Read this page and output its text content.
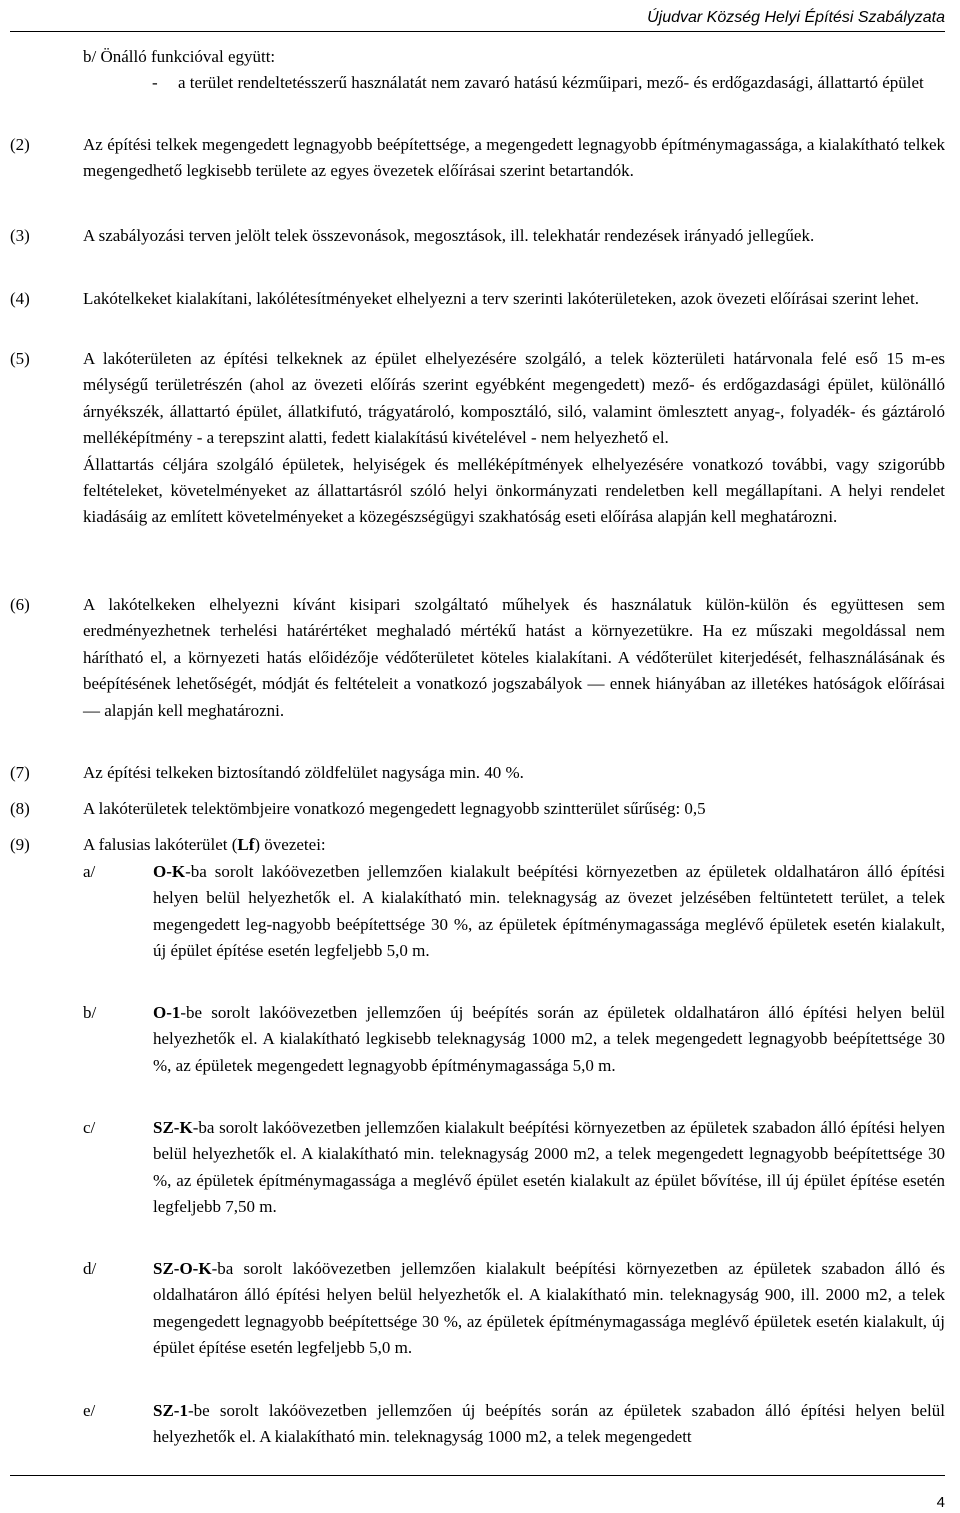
Újudvar Község Helyi Építési Szabályzata
b/ Önálló funkcióval együtt:
- a terület rendeltetésszerű használatát nem zavaró hatású kézműipari, mező- és erdőgazdasági, állattartó épület
(2)	Az építési telkek megengedett legnagyobb beépítettsége, a megengedett legnagyobb építménymagassága, a kialakítható telkek megengedhető legkisebb területe az egyes övezetek előírásai szerint betartandók.
(3)	A szabályozási terven jelölt telek összevonások, megosztások, ill. telekhatár rendezések irányadó jellegűek.
(4)	Lakótelkeket kialakítani, lakólétesítményeket elhelyezni a terv szerinti lakóterületeken, azok övezeti előírásai szerint lehet.
(5)	A lakóterületen az építési telkeknek az épület elhelyezésére szolgáló, a telek közterületi határvonala felé eső 15 m-es mélységű területrészén (ahol az övezeti előírás szerint egyébként megengedett) mező- és erdőgazdasági épület, különálló árnyékszék, állattartó épület, állatkifutó, trágyatároló, komposztáló, siló, valamint ömlesztett anyag-, folyadék- és gáztároló melléképítmény - a terepszint alatti, fedett kialakítású kivételével - nem helyezhető el.

Állattartás céljára szolgáló épületek, helyiségek és melléképítmények elhelyezésére vonatkozó további, vagy szigorúbb feltételeket, követelményeket az állattartásról szóló helyi önkormányzati rendeletben kell megállapítani. A helyi rendelet kiadásáig az említett követelményeket a közegészségügyi szakhatóság eseti előírása alapján kell meghatározni.

(6)	A lakótelkeken elhelyezni kívánt kisipari szolgáltató műhelyek és használatuk külön-külön és együttesen sem eredményezhetnek terhelési határértéket meghaladó mértékű hatást a környezetükre. Ha ez műszaki megoldással nem hárítható el, a környezeti hatás előidézője védőterületet köteles kialakítani. A védőterület kiterjedését, felhasználásának és beépítésének lehetőségét, módját és feltételeit a vonatkozó jogszabályok — ennek hiányában az illetékes hatóságok előírásai — alapján kell meghatározni.
(7)	Az építési telkeken biztosítandó zöldfelület nagysága min. 40 %.
(8)	A lakóterületek telektömbjeire vonatkozó megengedett legnagyobb szintterület sűrűség: 0,5
(9)	A falusias lakóterület (Lf) övezetei:
a/	O-K-ba sorolt lakóövezetben jellemzően kialakult beépítési környezetben az épületek oldalhatáron álló építési helyen belül helyezhetők el. A kialakítható min. teleknagyság az övezet jelzésében feltüntetett terület, a telek megengedett leg-nagyobb beépítettsége 30 %, az épületek építménymagassága meglévő épületek esetén kialakult, új épület építése esetén legfeljebb 5,0 m.
b/	O-1-be sorolt lakóövezetben jellemzően új beépítés során az épületek oldalhatáron álló építési helyen belül helyezhetők el. A kialakítható legkisebb teleknagyság 1000 m2, a telek megengedett legnagyobb beépítettsége 30 %, az épületek megengedett legnagyobb építménymagassága 5,0 m.
c/	SZ-K-ba sorolt lakóövezetben jellemzően kialakult beépítési környezetben az épületek szabadon álló építési helyen belül helyezhetők el. A kialakítható min. teleknagyság 2000 m2, a telek megengedett legnagyobb beépítettsége 30 %, az épületek építménymagassága a meglévő épület esetén kialakult az épület bővítése, ill új épület építése esetén legfeljebb 7,50 m.
d/	SZ-O-K-ba sorolt lakóövezetben jellemzően kialakult beépítési környezetben az épületek szabadon álló és oldalhatáron álló építési helyen belül helyezhetők el. A kialakítható min. teleknagyság 900, ill. 2000 m2, a telek megengedett legnagyobb beépítettsége 30 %, az épületek építménymagassága meglévő épületek esetén kialakult, új épület építése esetén legfeljebb 5,0 m.
e/	SZ-1-be sorolt lakóövezetben jellemzően új beépítés során az épületek szabadon álló építési helyen belül helyezhetők el. A kialakítható min. teleknagyság 1000 m2, a telek megengedett
4
